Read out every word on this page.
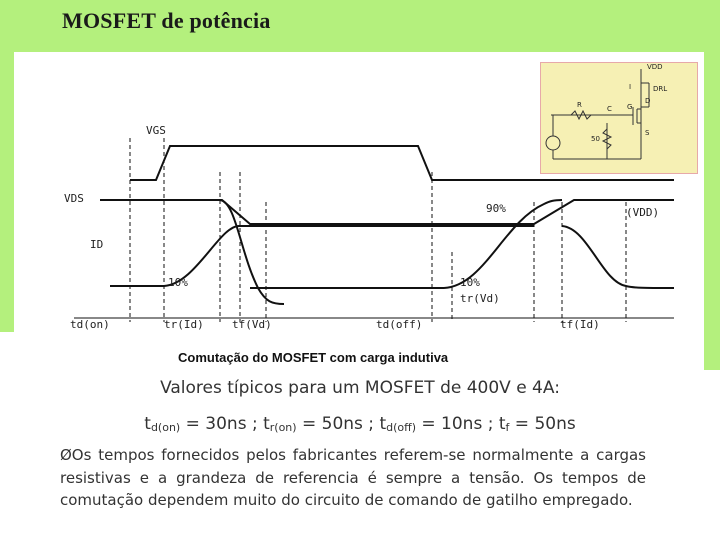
MOSFET de potência
VGS
VDS
ID
90%
10%	10%
(VDD)
tr(Vd)
td(on)	tr(Id)	tf(Vd)	td(off)	tf(Id)
VDD
DRL
I
R	C
D
G
S
50
Comutação do MOSFET com carga indutiva
Valores típicos para um MOSFET de 400V e 4A:
$t_{d(on)} = 30ns$ ; $t_{r(on)} = 50ns$ ; $t_{d(off)} = 10ns$ ; $t_f = 50ns$
ØOs tempos fornecidos pelos fabricantes referem-se normalmente a cargas resistivas e a grandeza de referencia é sempre a tensão. Os tempos de comutação dependem muito do circuito de comando de gatilho empregado.
